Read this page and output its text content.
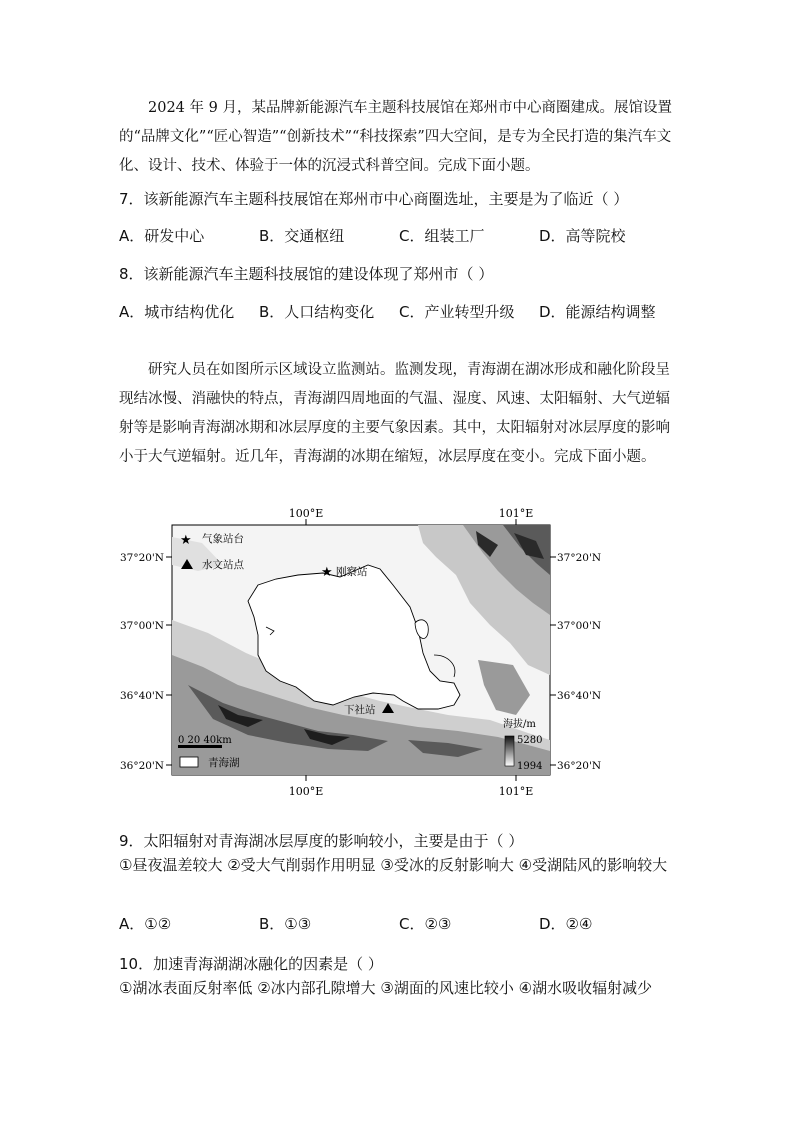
2024 年 9 月，某品牌新能源汽车主题科技展馆在郑州市中心商圈建成。展馆设置的“品牌文化”“匠心智造”“创新技术”“科技探索”四大空间，是专为全民打造的集汽车文化、设计、技术、体验于一体的沉浸式科普空间。完成下面小题。

7．该新能源汽车主题科技展馆在郑州市中心商圈选址，主要是为了临近（ ）

A．研发中心	B．交通枢纽	C．组装工厂	D．高等院校

8．该新能源汽车主题科技展馆的建设体现了郑州市（ ）

A．城市结构优化 B．人口结构变化 C．产业转型升级 D．能源结构调整

研究人员在如图所示区域设立监测站。监测发现，青海湖在湖冰形成和融化阶段呈现结冰慢、消融快的特点，青海湖四周地面的气温、湿度、风速、太阳辐射、大气逆辐射等是影响青海湖冰期和冰层厚度的主要气象因素。其中，太阳辐射对冰层厚度的影响小于大气逆辐射。近几年，青海湖的冰期在缩短，冰层厚度在变小。完成下面小题。

100°E	101°E
100°E	101°E
37°20'N
37°00'N
36°40'N
36°20'N
37°20'N
37°00'N
36°40'N
36°20'N
★ 气象站台
水文站点	★ 刚察站
下社站
0 20 40km
青海湖
海拔/m
5280
1994

9．太阳辐射对青海湖冰层厚度的影响较小，主要是由于（ ）

①昼夜温差较大 ②受大气削弱作用明显 ③受冰的反射影响大 ④受湖陆风的影响较大

A．①②	B．①③	C．②③	D．②④

10．加速青海湖湖冰融化的因素是（ ）

①湖冰表面反射率低 ②冰内部孔隙增大 ③湖面的风速比较小 ④湖水吸收辐射减少
